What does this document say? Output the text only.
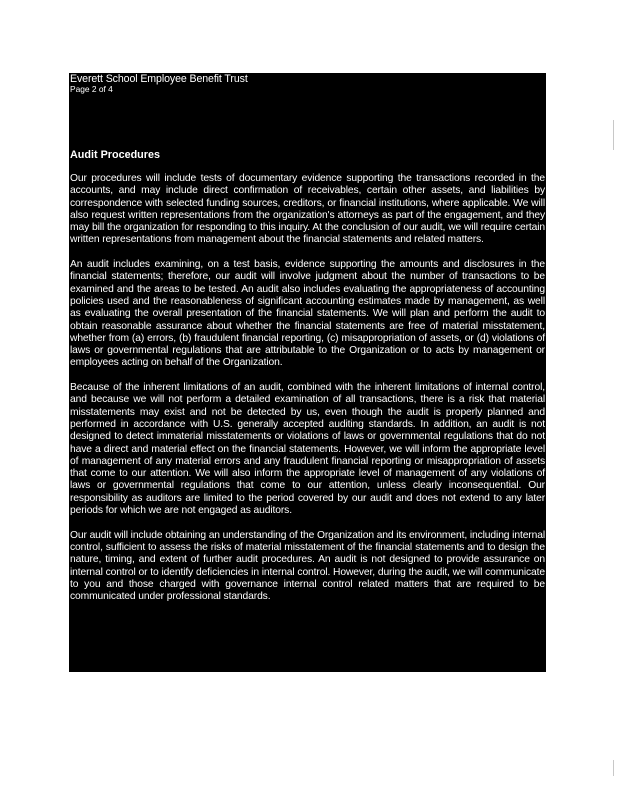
Everett School Employee Benefit Trust
Page 2 of 4
Audit Procedures

Our procedures will include tests of documentary evidence supporting the transactions recorded in the accounts, and may include direct confirmation of receivables, certain other assets, and liabilities by correspondence with selected funding sources, creditors, or financial institutions, where applicable. We will also request written representations from the organization's attorneys as part of the engagement, and they may bill the organization for responding to this inquiry. At the conclusion of our audit, we will require certain written representations from management about the financial statements and related matters.

An audit includes examining, on a test basis, evidence supporting the amounts and disclosures in the financial statements; therefore, our audit will involve judgment about the number of transactions to be examined and the areas to be tested. An audit also includes evaluating the appropriateness of accounting policies used and the reasonableness of significant accounting estimates made by management, as well as evaluating the overall presentation of the financial statements. We will plan and perform the audit to obtain reasonable assurance about whether the financial statements are free of material misstatement, whether from (a) errors, (b) fraudulent financial reporting, (c) misappropriation of assets, or (d) violations of laws or governmental regulations that are attributable to the Organization or to acts by management or employees acting on behalf of the Organization.

Because of the inherent limitations of an audit, combined with the inherent limitations of internal control, and because we will not perform a detailed examination of all transactions, there is a risk that material misstatements may exist and not be detected by us, even though the audit is properly planned and performed in accordance with U.S. generally accepted auditing standards. In addition, an audit is not designed to detect immaterial misstatements or violations of laws or governmental regulations that do not have a direct and material effect on the financial statements. However, we will inform the appropriate level of management of any material errors and any fraudulent financial reporting or misappropriation of assets that come to our attention. We will also inform the appropriate level of management of any violations of laws or governmental regulations that come to our attention, unless clearly inconsequential. Our responsibility as auditors are limited to the period covered by our audit and does not extend to any later periods for which we are not engaged as auditors.

Our audit will include obtaining an understanding of the Organization and its environment, including internal control, sufficient to assess the risks of material misstatement of the financial statements and to design the nature, timing, and extent of further audit procedures. An audit is not designed to provide assurance on internal control or to identify deficiencies in internal control. However, during the audit, we will communicate to you and those charged with governance internal control related matters that are required to be communicated under professional standards.
